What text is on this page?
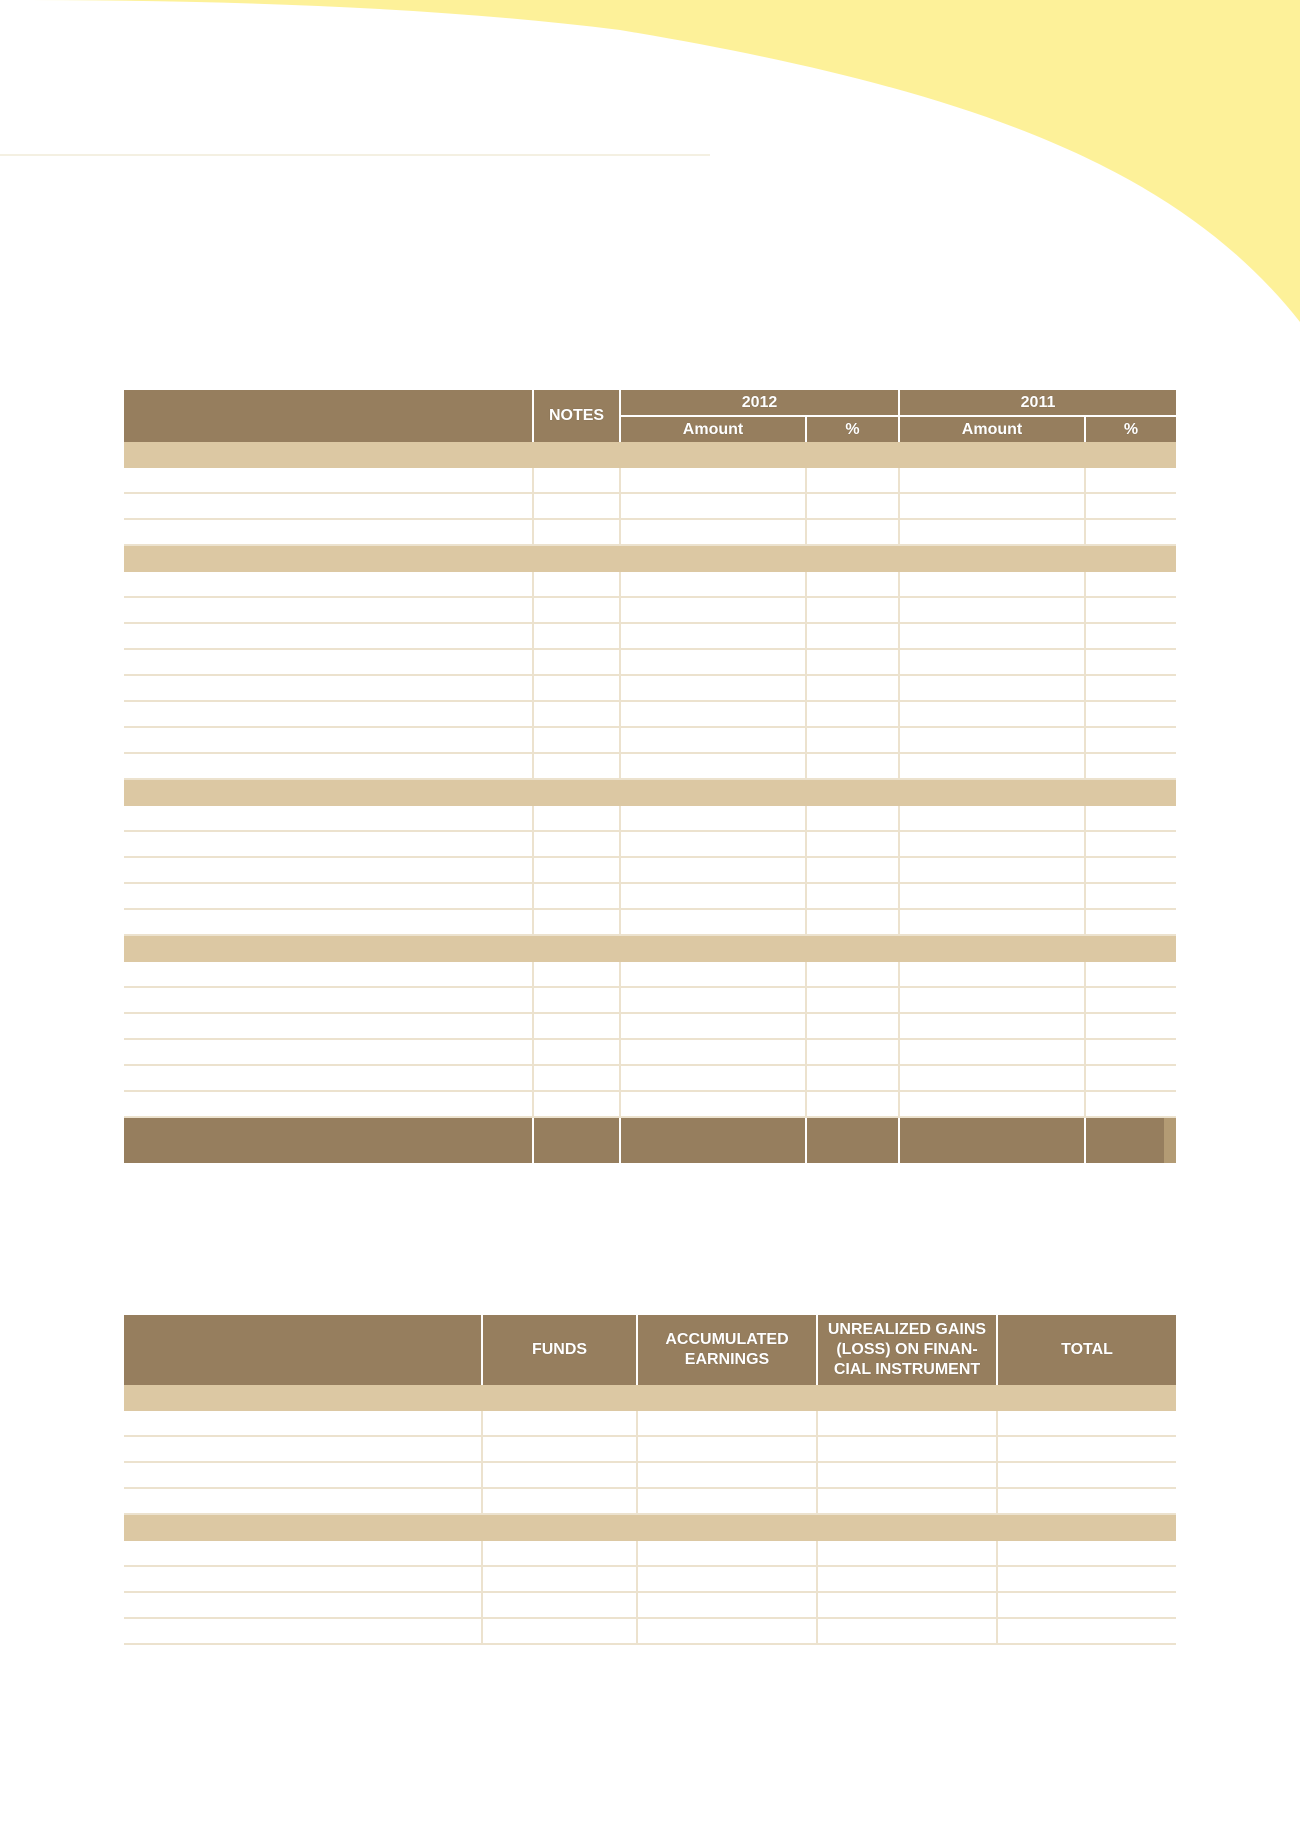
	NOTES	2012		2011	
		Amount	%	Amount	%

	FUNDS	ACCUMULATED EARNINGS	UNREALIZED GAINS (LOSS) ON FINAN- CIAL INSTRUMENT	TOTAL
